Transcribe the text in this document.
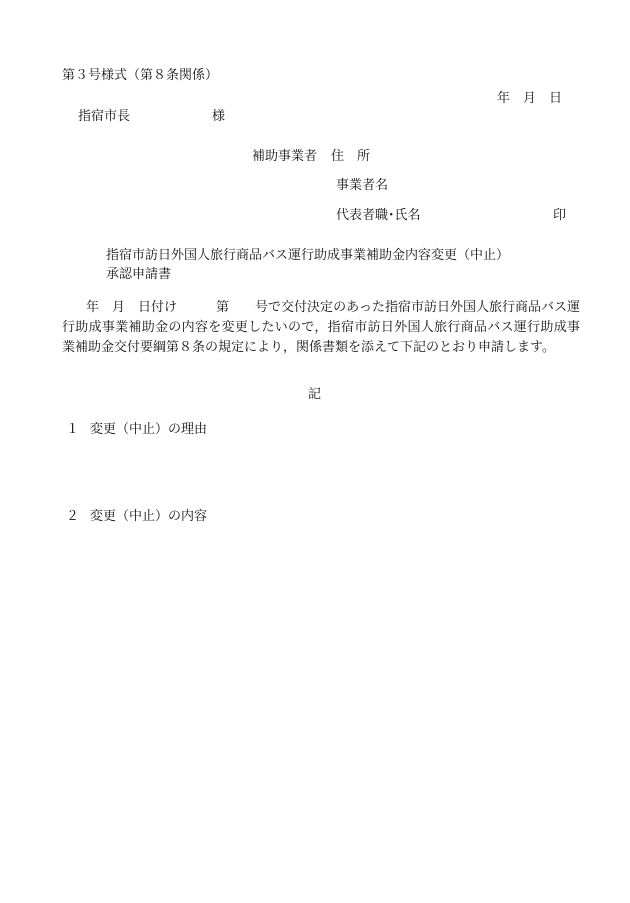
第３号様式（第８条関係）
年　月　日
指宿市長	様
補助事業者 住　所
事業者名
代表者職･氏名	印
指宿市訪日外国人旅行商品バス運行助成事業補助金内容変更（中止）
承認申請書
年　月　日付け　　　第　　号で交付決定のあった指宿市訪日外国人旅行商品バス運行助成事業補助金の内容を変更したいので，指宿市訪日外国人旅行商品バス運行助成事業補助金交付要綱第８条の規定により，関係書類を添えて下記のとおり申請します。
記
１ 変更（中止）の理由
２ 変更（中止）の内容
